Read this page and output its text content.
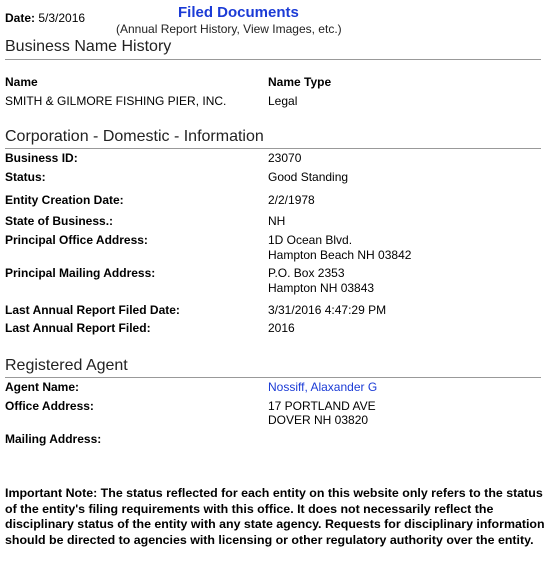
Date: 5/3/2016	Filed Documents
(Annual Report History, View Images, etc.)
Business Name History
Name	Name Type
SMITH & GILMORE FISHING PIER, INC.	Legal
Corporation - Domestic - Information
Business ID:	23070
Status:	Good Standing
Entity Creation Date:	2/2/1978
State of Business.:	NH
Principal Office Address:	1D Ocean Blvd.
Hampton Beach NH 03842
Principal Mailing Address:	P.O. Box 2353
Hampton NH 03843
Last Annual Report Filed Date:	3/31/2016 4:47:29 PM
Last Annual Report Filed:	2016
Registered Agent
Agent Name:	Nossiff, Alaxander G
Office Address:	17 PORTLAND AVE
DOVER NH 03820
Mailing Address:
Important Note: The status reflected for each entity on this website only refers to the status of the entity's filing requirements with this office. It does not necessarily reflect the disciplinary status of the entity with any state agency. Requests for disciplinary information should be directed to agencies with licensing or other regulatory authority over the entity.
